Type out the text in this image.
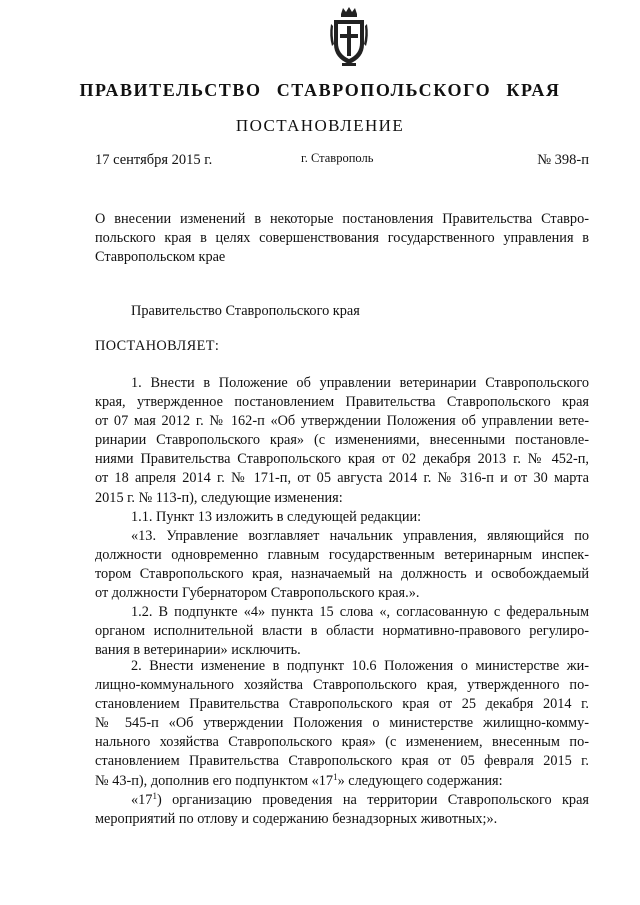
ПРАВИТЕЛЬСТВО СТАВРОПОЛЬСКОГО КРАЯ
ПОСТАНОВЛЕНИЕ
17 сентября 2015 г.	г. Ставрополь	№ 398-п
О внесении изменений в некоторые постановления Правительства Ставро-
польского края в целях совершенствования государственного управления в
Ставропольском крае
Правительство Ставропольского края
ПОСТАНОВЛЯЕТ:
1. Внести в Положение об управлении ветеринарии Ставропольского
края, утвержденное постановлением Правительства Ставропольского края
от 07 мая 2012 г. № 162-п «Об утверждении Положения об управлении вете-
ринарии Ставропольского края» (с изменениями, внесенными постановле-
ниями Правительства Ставропольского края от 02 декабря 2013 г. № 452-п,
от 18 апреля 2014 г. № 171-п, от 05 августа 2014 г. № 316-п и от 30 марта
2015 г. № 113-п), следующие изменения:
1.1. Пункт 13 изложить в следующей редакции:
«13. Управление возглавляет начальник управления, являющийся по
должности одновременно главным государственным ветеринарным инспек-
тором Ставропольского края, назначаемый на должность и освобождаемый
от должности Губернатором Ставропольского края.».
1.2. В подпункте «4» пункта 15 слова «, согласованную с федеральным
органом исполнительной власти в области нормативно-правового регулиро-
вания в ветеринарии» исключить.
2. Внести изменение в подпункт 10.6 Положения о министерстве жи-
лищно-коммунального хозяйства Ставропольского края, утвержденного по-
становлением Правительства Ставропольского края от 25 декабря 2014 г.
№ 545-п «Об утверждении Положения о министерстве жилищно-комму-
нального хозяйства Ставропольского края» (с изменением, внесенным по-
становлением Правительства Ставропольского края от 05 февраля 2015 г.
№ 43-п), дополнив его подпунктом «$17^1$» следующего содержания:
«$17^1$) организацию проведения на территории Ставропольского края
мероприятий по отлову и содержанию безнадзорных животных;».
